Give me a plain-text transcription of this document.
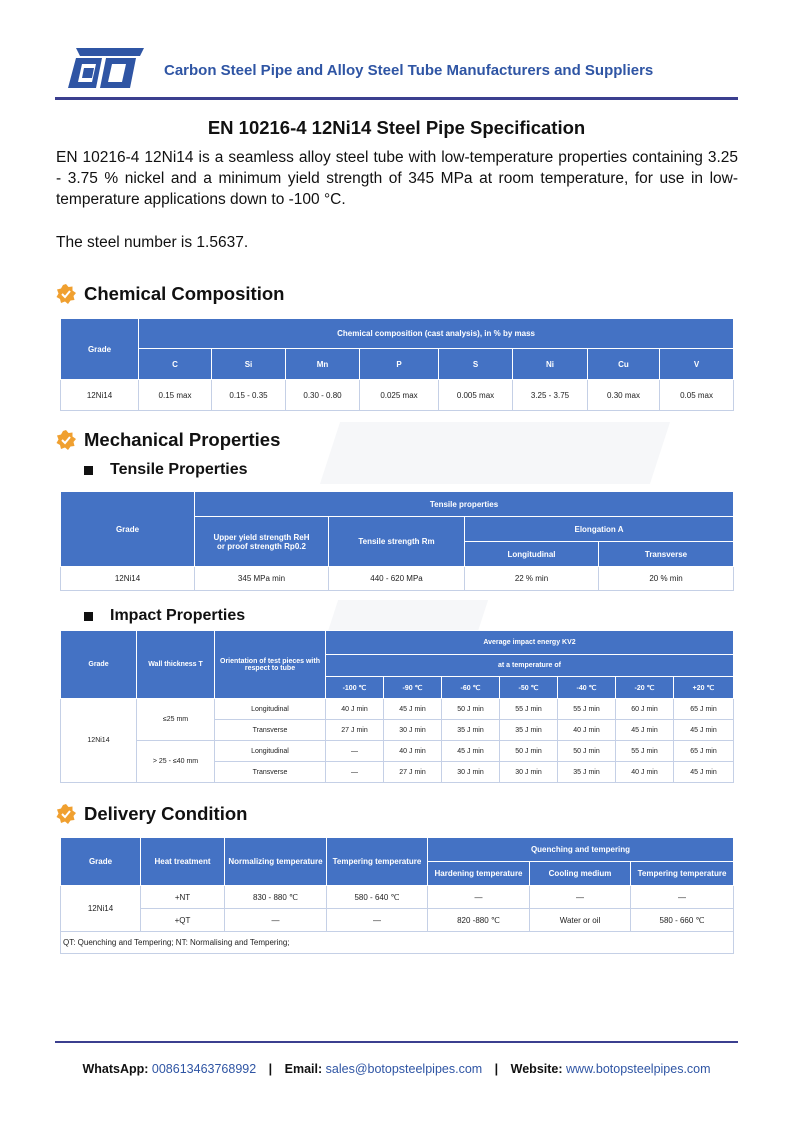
Carbon Steel Pipe and Alloy Steel Tube Manufacturers and Suppliers
EN 10216-4 12Ni14 Steel Pipe Specification
EN 10216-4 12Ni14 is a seamless alloy steel tube with low-temperature properties containing 3.25 - 3.75 % nickel and a minimum yield strength of 345 MPa at room temperature, for use in low-temperature applications down to -100 °C.
The steel number is 1.5637.
Chemical Composition
Grade	Chemical composition (cast analysis), in % by mass							
	C	Si	Mn	P	S	Ni	Cu	V
12Ni14	0.15 max	0.15 - 0.35	0.30 - 0.80	0.025 max	0.005 max	3.25 - 3.75	0.30 max	0.05 max
Mechanical Properties
Tensile Properties
Grade	Tensile properties			

	Upper yield strength ReH
or proof strength Rp0.2	Tensile strength Rm	Elongation A	
			Longitudinal	Transverse
12Ni14	345 MPa min	440 - 620 MPa	22 % min	20 % min
Impact Properties
Grade	Wall thickness T	Orientation of test pieces with respect to tube	Average impact energy KV2						
			at a temperature of						
			-100 ℃	-90 ℃	-60 ℃	-50 ℃	-40 ℃	-20 ℃	+20 ℃
12Ni14	≤25 mm	Longitudinal	40 J min	45 J min	50 J min	55 J min	55 J min	60 J min	65 J min
		Transverse	27 J min	30 J min	35 J min	35 J min	40 J min	45 J min	45 J min
	> 25 - ≤40 mm	Longitudinal	—	40 J min	45 J min	50 J min	50 J min	55 J min	65 J min
		Transverse	—	27 J min	30 J min	30 J min	35 J min	40 J min	45 J min
Delivery Condition
Grade	Heat treatment	Normalizing temperature	Tempering temperature	Quenching and tempering		
				Hardening temperature	Cooling medium	Tempering temperature
12Ni14	+NT	830 - 880 ℃	580 - 640 ℃	—	—	—
	+QT	—	—	820 -880 ℃	Water or oil	580 - 660 ℃
QT: Quenching and Tempering; NT: Normalising and Tempering;						
WhatsApp: 008613463768992 | Email: sales@botopsteelpipes.com | Website: www.botopsteelpipes.com
